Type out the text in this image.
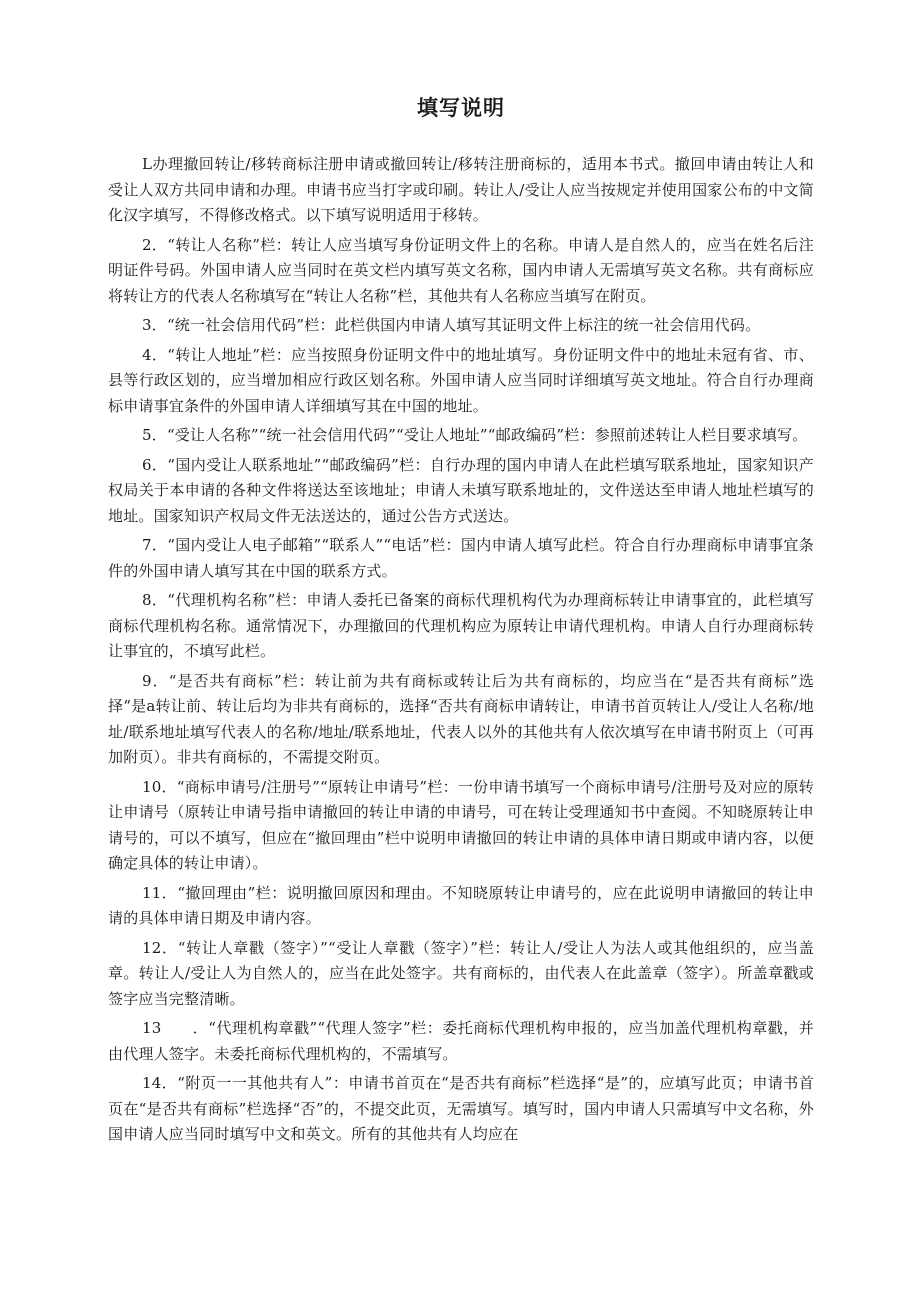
填写说明

L办理撤回转让/移转商标注册申请或撤回转让/移转注册商标的，适用本书式。撤回申请由转让人和受让人双方共同申请和办理。申请书应当打字或印刷。转让人/受让人应当按规定并使用国家公布的中文简化汉字填写，不得修改格式。以下填写说明适用于移转。

2．“转让人名称”栏：转让人应当填写身份证明文件上的名称。申请人是自然人的，应当在姓名后注明证件号码。外国申请人应当同时在英文栏内填写英文名称，国内申请人无需填写英文名称。共有商标应将转让方的代表人名称填写在“转让人名称”栏，其他共有人名称应当填写在附页。

3．“统一社会信用代码”栏：此栏供国内申请人填写其证明文件上标注的统一社会信用代码。

4．“转让人地址”栏：应当按照身份证明文件中的地址填写。身份证明文件中的地址未冠有省、市、县等行政区划的，应当增加相应行政区划名称。外国申请人应当同时详细填写英文地址。符合自行办理商标申请事宜条件的外国申请人详细填写其在中国的地址。

5．“受让人名称”“统一社会信用代码”“受让人地址”“邮政编码”栏：参照前述转让人栏目要求填写。

6．“国内受让人联系地址”“邮政编码”栏：自行办理的国内申请人在此栏填写联系地址，国家知识产权局关于本申请的各种文件将送达至该地址；申请人未填写联系地址的，文件送达至申请人地址栏填写的地址。国家知识产权局文件无法送达的，通过公告方式送达。

7．“国内受让人电子邮箱”“联系人”“电话”栏：国内申请人填写此栏。符合自行办理商标申请事宜条件的外国申请人填写其在中国的联系方式。

8．“代理机构名称”栏：申请人委托已备案的商标代理机构代为办理商标转让申请事宜的，此栏填写商标代理机构名称。通常情况下，办理撤回的代理机构应为原转让申请代理机构。申请人自行办理商标转让事宜的，不填写此栏。

9．“是否共有商标”栏：转让前为共有商标或转让后为共有商标的，均应当在“是否共有商标”选择“是a转让前、转让后均为非共有商标的，选择“否共有商标申请转让，申请书首页转让人/受让人名称/地址/联系地址填写代表人的名称/地址/联系地址，代表人以外的其他共有人依次填写在申请书附页上（可再加附页）。非共有商标的，不需提交附页。

10．“商标申请号/注册号”“原转让申请号”栏：一份申请书填写一个商标申请号/注册号及对应的原转让申请号（原转让申请号指申请撤回的转让申请的申请号，可在转让受理通知书中查阅。不知晓原转让申请号的，可以不填写，但应在“撤回理由”栏中说明申请撤回的转让申请的具体申请日期或申请内容，以便确定具体的转让申请）。

11．“撤回理由”栏：说明撤回原因和理由。不知晓原转让申请号的，应在此说明申请撤回的转让申请的具体申请日期及申请内容。

12．“转让人章戳（签字）”“受让人章戳（签字）”栏：转让人/受让人为法人或其他组织的，应当盖章。转让人/受让人为自然人的，应当在此处签字。共有商标的，由代表人在此盖章（签字）。所盖章戳或签字应当完整清晰。

13　　．“代理机构章戳”“代理人签字”栏：委托商标代理机构申报的，应当加盖代理机构章戳，并由代理人签字。未委托商标代理机构的，不需填写。

14．“附页一一其他共有人”：申请书首页在“是否共有商标”栏选择“是”的，应填写此页；申请书首页在“是否共有商标”栏选择“否”的，不提交此页，无需填写。填写时，国内申请人只需填写中文名称，外国申请人应当同时填写中文和英文。所有的其他共有人均应在
